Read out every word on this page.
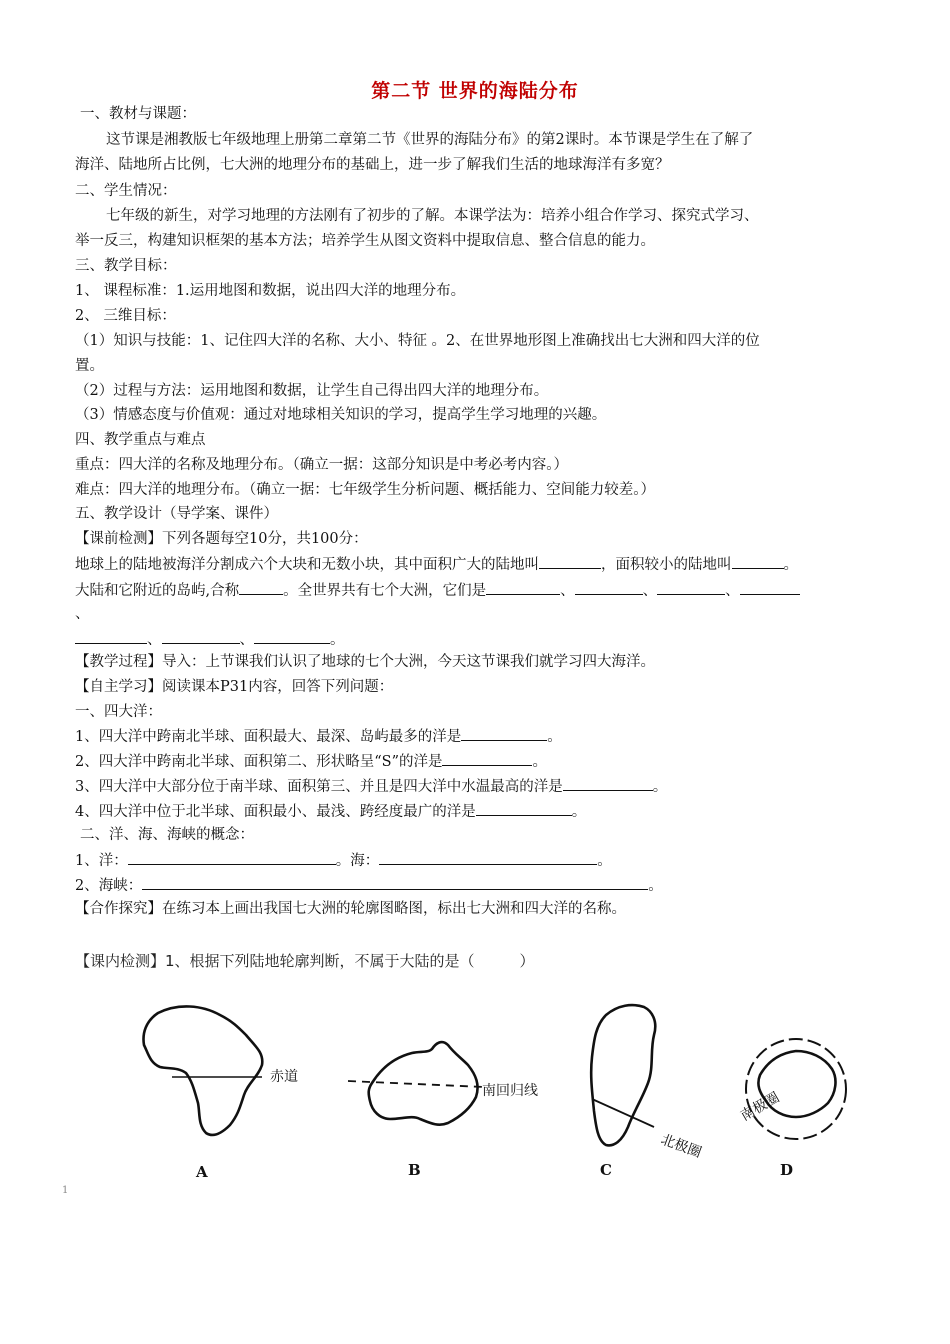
第二节 世界的海陆分布
一、教材与课题：
这节课是湘教版七年级地理上册第二章第二节《世界的海陆分布》的第2课时。本节课是学生在了解了
海洋、陆地所占比例，七大洲的地理分布的基础上，进一步了解我们生活的地球海洋有多宽？
二、学生情况：
七年级的新生，对学习地理的方法刚有了初步的了解。本课学法为：培养小组合作学习、探究式学习、
举一反三，构建知识框架的基本方法；培养学生从图文资料中提取信息、整合信息的能力。
三、教学目标：
1、 课程标准：1.运用地图和数据，说出四大洋的地理分布。
2、 三维目标：
（1）知识与技能：1、记住四大洋的名称、大小、特征 。2、在世界地形图上准确找出七大洲和四大洋的位
置。
（2）过程与方法：运用地图和数据，让学生自己得出四大洋的地理分布。
（3）情感态度与价值观：通过对地球相关知识的学习，提高学生学习地理的兴趣。
四、教学重点与难点
重点：四大洋的名称及地理分布。（确立一据：这部分知识是中考必考内容。）
难点：四大洋的地理分布。（确立一据：七年级学生分析问题、概括能力、空间能力较差。）
五、教学设计（导学案、课件）
【课前检测】下列各题每空10分，共100分：
地球上的陆地被海洋分割成六个大块和无数小块，其中面积广大的陆地叫	，面积较小的陆地叫	。
大陆和它附近的岛屿,合称	。全世界共有七个大洲，它们是	、	、	、
、
、	、	。
【教学过程】导入：上节课我们认识了地球的七个大洲，今天这节课我们就学习四大海洋。
【自主学习】阅读课本P31内容，回答下列问题：
一、四大洋：
1、四大洋中跨南北半球、面积最大、最深、岛屿最多的洋是	。
2、四大洋中跨南北半球、面积第二、形状略呈“S”的洋是	。
3、四大洋中大部分位于南半球、面积第三、并且是四大洋中水温最高的洋是	。
4、四大洋中位于北半球、面积最小、最浅、跨经度最广的洋是	。
二、洋、海、海峡的概念：
1、洋：	。海：	。
2、海峡：	。
【合作探究】在练习本上画出我国七大洲的轮廓图略图，标出七大洲和四大洋的名称。
【课内检测】1、根据下列陆地轮廓判断，不属于大陆的是（　　　）
赤道
南回归线
北极圈
南极圈
A	B	C	D
1
